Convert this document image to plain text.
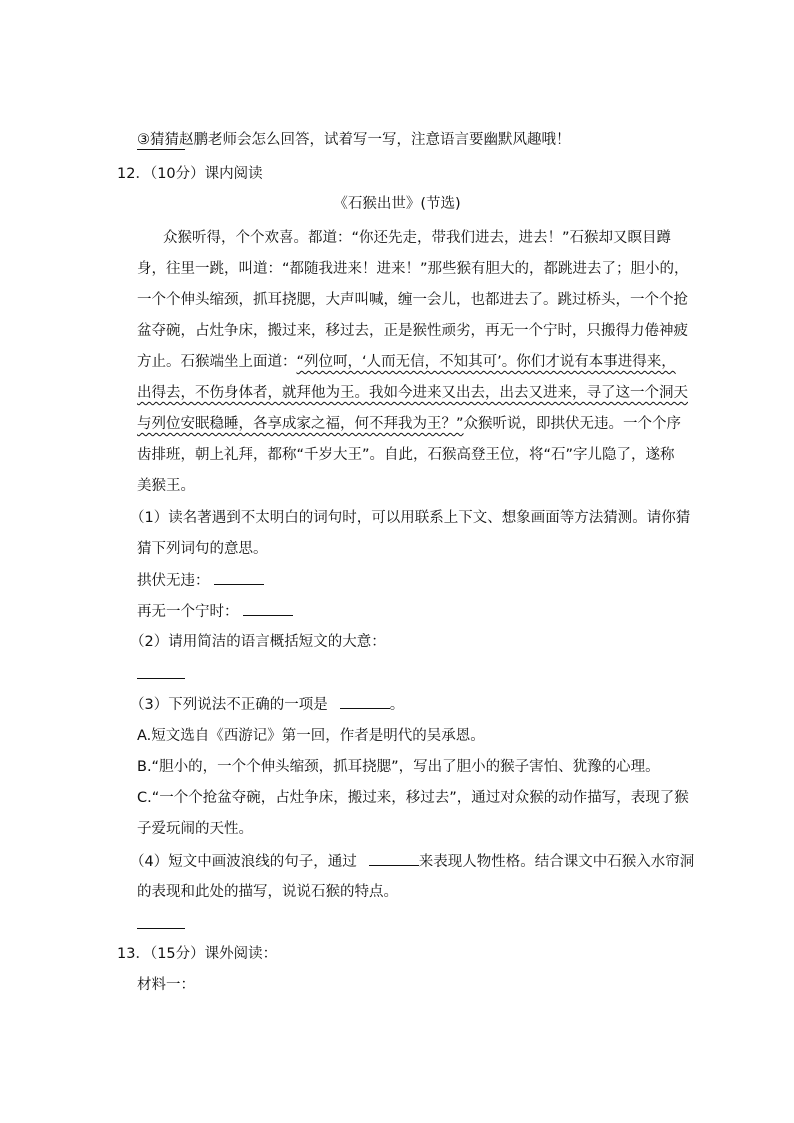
③猜猜赵鹏老师会怎么回答，试着写一写，注意语言要幽默风趣哦！
12．（10分）课内阅读
《石猴出世》(节选)
众猴听得，个个欢喜。都道：“你还先走，带我们进去，进去！”石猴却又瞑目蹲
身，往里一跳，叫道：“都随我进来！进来！”那些猴有胆大的，都跳进去了；胆小的，
一个个伸头缩颈，抓耳挠腮，大声叫喊，缠一会儿，也都进去了。跳过桥头，一个个抢
盆夺碗，占灶争床，搬过来，移过去，正是猴性顽劣，再无一个宁时，只搬得力倦神疲
方止。石猴端坐上面道：“列位呵，‘人而无信，不知其可’。你们才说有本事进得来，
出得去，不伤身体者，就拜他为王。我如今进来又出去，出去又进来，寻了这一个洞天
与列位安眠稳睡，各享成家之福，何不拜我为王？”众猴听说，即拱伏无违。一个个序
齿排班，朝上礼拜，都称“千岁大王”。自此，石猴高登王位，将“石”字儿隐了，遂称
美猴王。
（1）读名著遇到不太明白的词句时，可以用联系上下文、想象画面等方法猜测。请你猜
猜下列词句的意思。
拱伏无违：
再无一个宁时：
（2）请用简洁的语言概括短文的大意：
（3）下列说法不正确的一项是	。
A.短文选自《西游记》第一回，作者是明代的吴承恩。
B.“胆小的，一个个伸头缩颈，抓耳挠腮”，写出了胆小的猴子害怕、犹豫的心理。
C.“一个个抢盆夺碗，占灶争床，搬过来，移过去”，通过对众猴的动作描写，表现了猴
子爱玩闹的天性。
（4）短文中画波浪线的句子，通过	来表现人物性格。结合课文中石猴入水帘洞
的表现和此处的描写，说说石猴的特点。
13．（15分）课外阅读：
材料一：
